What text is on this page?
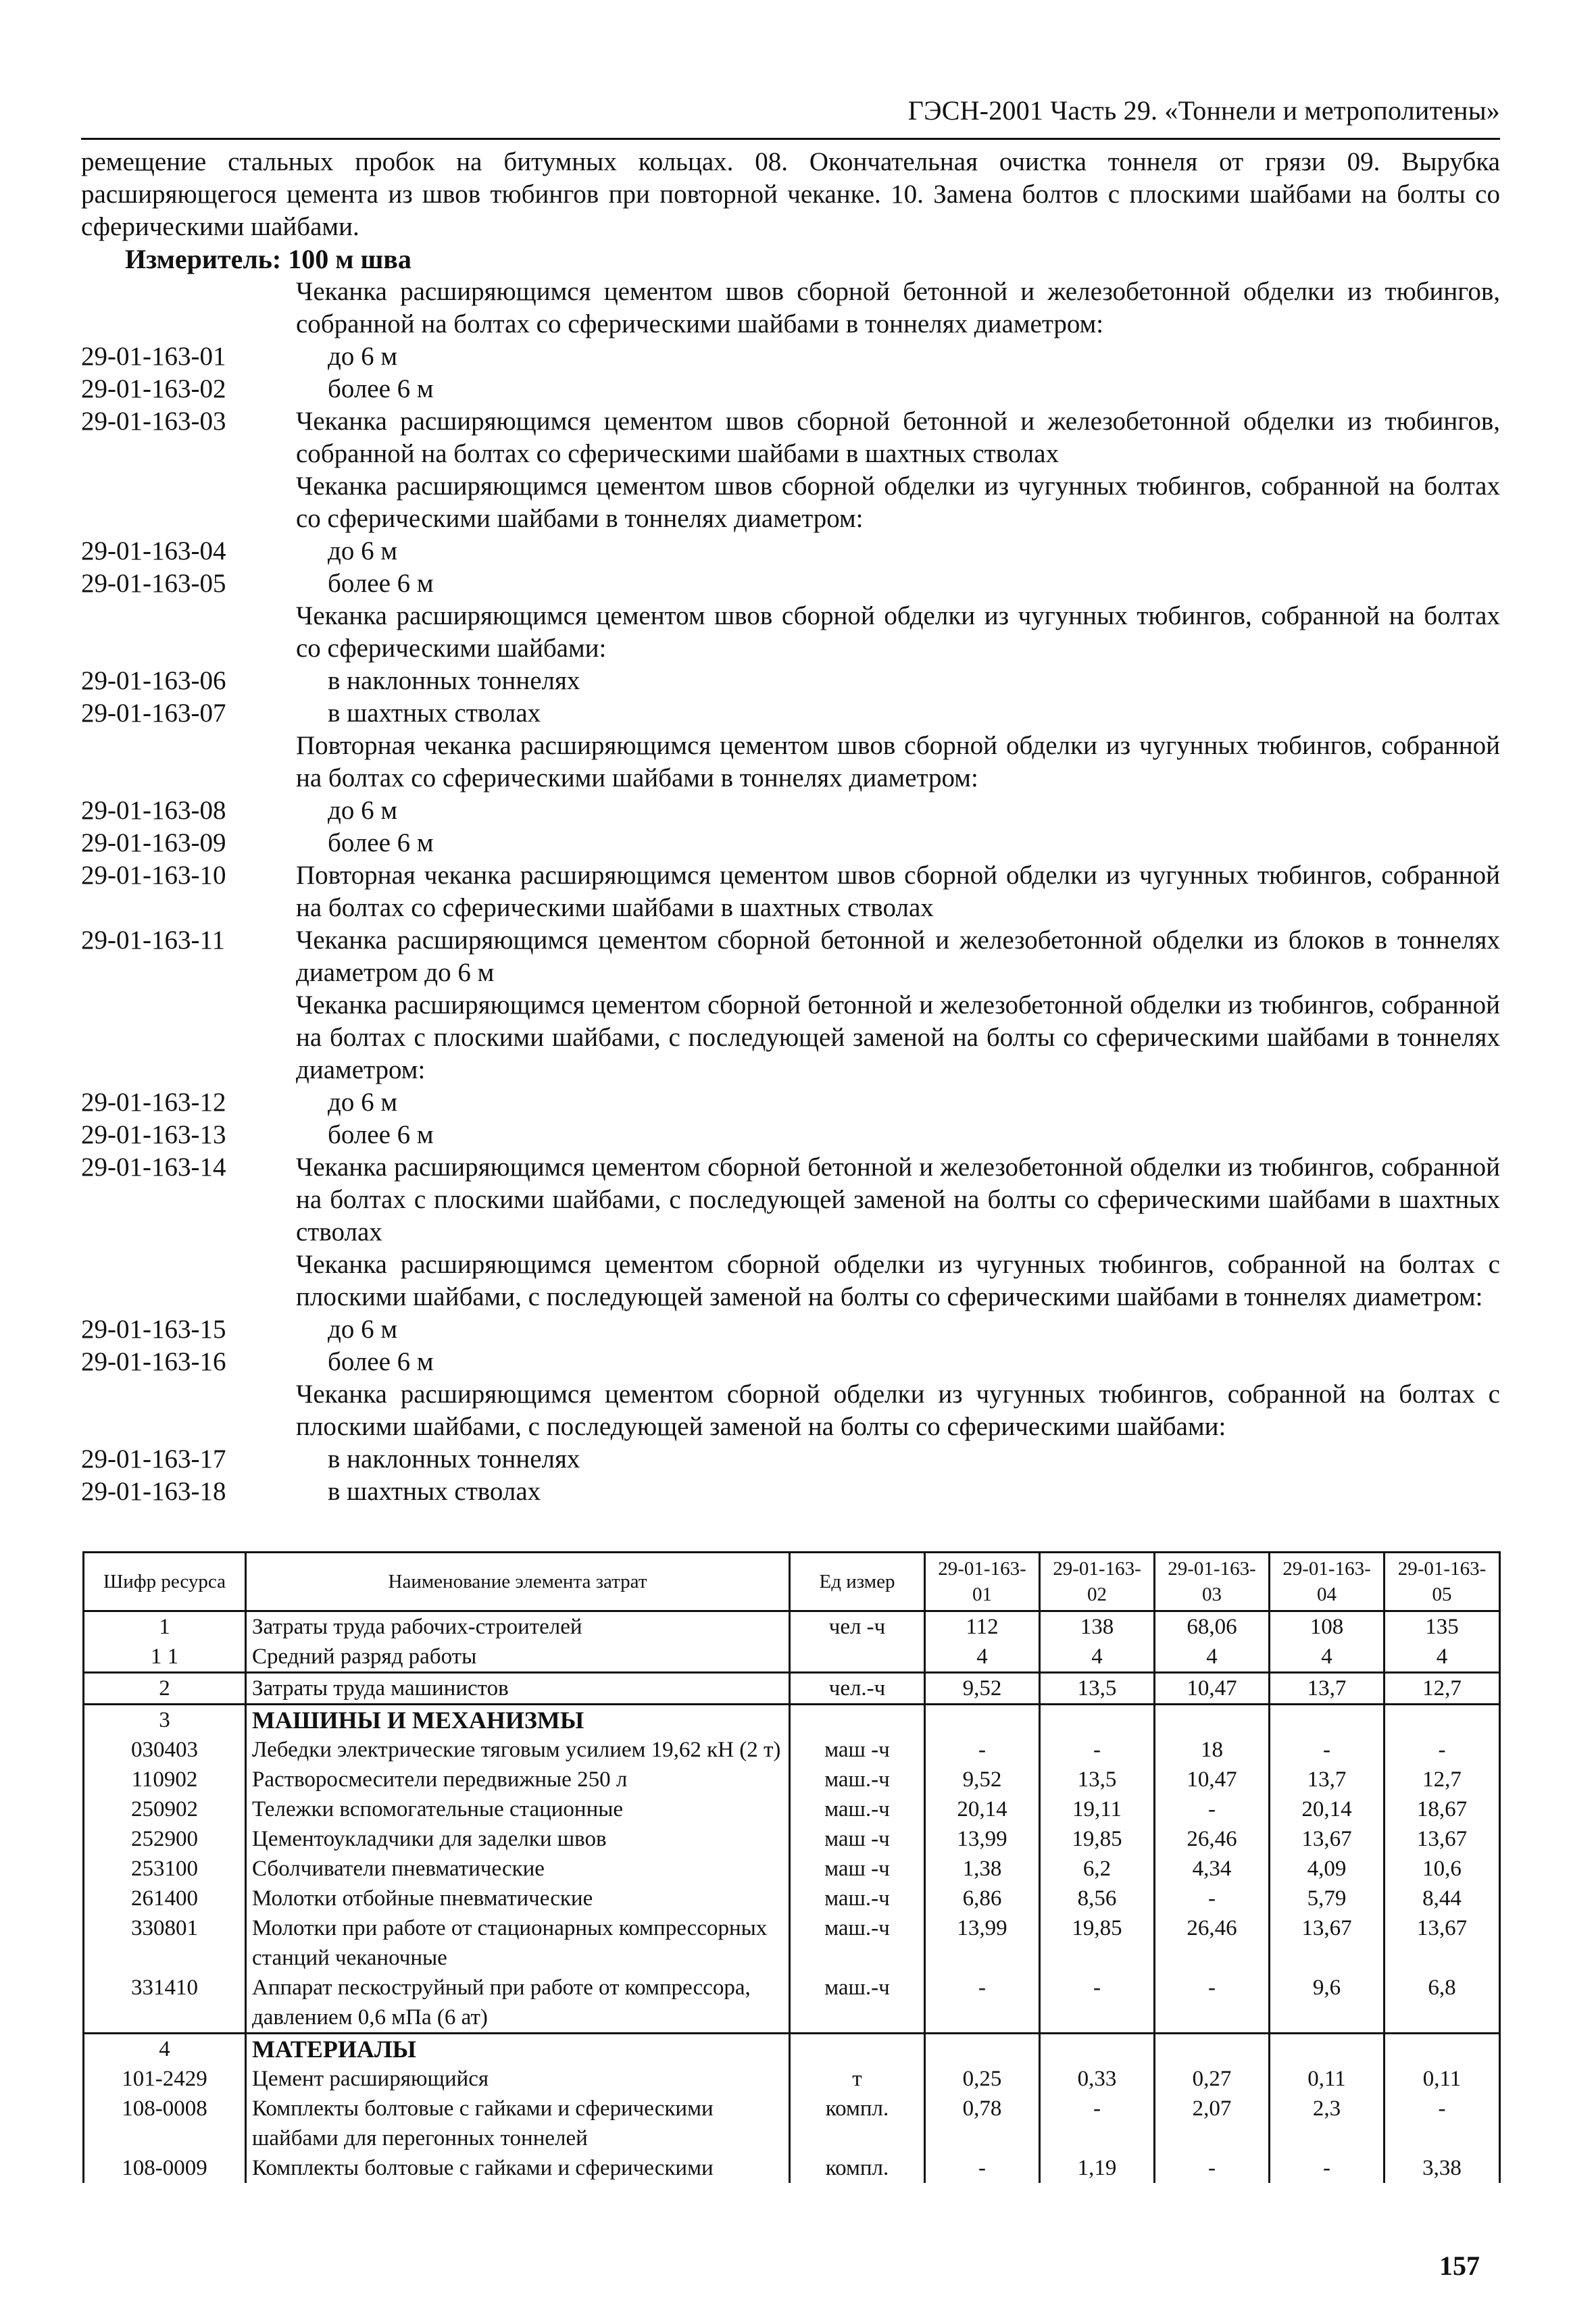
ГЭСН-2001 Часть 29. «Тоннели и метрополитены»
ремещение стальных пробок на битумных кольцах. 08. Окончательная очистка тоннеля от грязи 09. Вырубка расширяющегося цемента из швов тюбингов при повторной чеканке. 10. Замена болтов с плоскими шайбами на болты со сферическими шайбами.
Измеритель: 100 м шва
Чеканка расширяющимся цементом швов сборной бетонной и железобетонной обделки из тюбингов, собранной на болтах со сферическими шайбами в тоннелях диаметром:
29-01-163-01	до 6 м
29-01-163-02	более 6 м
29-01-163-03	Чеканка расширяющимся цементом швов сборной бетонной и железобетонной обделки из тюбингов, собранной на болтах со сферическими шайбами в шахтных стволах
Чеканка расширяющимся цементом швов сборной обделки из чугунных тюбингов, собранной на болтах со сферическими шайбами в тоннелях диаметром:
29-01-163-04	до 6 м
29-01-163-05	более 6 м
Чеканка расширяющимся цементом швов сборной обделки из чугунных тюбингов, собранной на болтах со сферическими шайбами:
29-01-163-06	в наклонных тоннелях
29-01-163-07	в шахтных стволах
Повторная чеканка расширяющимся цементом швов сборной обделки из чугунных тюбингов, собранной на болтах со сферическими шайбами в тоннелях диаметром:
29-01-163-08	до 6 м
29-01-163-09	более 6 м
29-01-163-10	Повторная чеканка расширяющимся цементом швов сборной обделки из чугунных тюбингов, собранной на болтах со сферическими шайбами в шахтных стволах
29-01-163-11	Чеканка расширяющимся цементом сборной бетонной и железобетонной обделки из блоков в тоннелях диаметром до 6 м
Чеканка расширяющимся цементом сборной бетонной и железобетонной обделки из тюбингов, собранной на болтах с плоскими шайбами, с последующей заменой на болты со сферическими шайбами в тоннелях диаметром:
29-01-163-12	до 6 м
29-01-163-13	более 6 м
29-01-163-14	Чеканка расширяющимся цементом сборной бетонной и железобетонной обделки из тюбингов, собранной на болтах с плоскими шайбами, с последующей заменой на болты со сферическими шайбами в шахтных стволах
Чеканка расширяющимся цементом сборной обделки из чугунных тюбингов, собранной на болтах с плоскими шайбами, с последующей заменой на болты со сферическими шайбами в тоннелях диаметром:
29-01-163-15	до 6 м
29-01-163-16	более 6 м
Чеканка расширяющимся цементом сборной обделки из чугунных тюбингов, собранной на болтах с плоскими шайбами, с последующей заменой на болты со сферическими шайбами:
29-01-163-17	в наклонных тоннелях
29-01-163-18	в шахтных стволах
Шифр ресурса	Наименование элемента затрат	Ед измер	29-01-163-01	29-01-163-02	29-01-163-03	29-01-163-04	29-01-163-05
1	Затраты труда рабочих-строителей	чел -ч	112	138	68,06	108	135
1 1	Средний разряд работы		4	4	4	4	4
2	Затраты труда машинистов	чел.-ч	9,52	13,5	10,47	13,7	12,7
3	МАШИНЫ И МЕХАНИЗМЫ						
030403	Лебедки электрические тяговым усилием 19,62 кН (2 т)	маш -ч	-	-	18	-	-
110902	Растворосмесители передвижные 250 л	маш.-ч	9,52	13,5	10,47	13,7	12,7
250902	Тележки вспомогательные стационные	маш.-ч	20,14	19,11	-	20,14	18,67
252900	Цементоукладчики для заделки швов	маш -ч	13,99	19,85	26,46	13,67	13,67
253100	Сболчиватели пневматические	маш -ч	1,38	6,2	4,34	4,09	10,6
261400	Молотки отбойные пневматические	маш.-ч	6,86	8,56	-	5,79	8,44
330801	Молотки при работе от стационарных компрессорных станций чеканочные	маш.-ч	13,99	19,85	26,46	13,67	13,67
331410	Аппарат пескоструйный при работе от компрессора, давлением 0,6 мПа (6 ат)	маш.-ч	-	-	-	9,6	6,8
4	МАТЕРИАЛЫ						
101-2429	Цемент расширяющийся	т	0,25	0,33	0,27	0,11	0,11
108-0008	Комплекты болтовые с гайками и сферическими шайбами для перегонных тоннелей	компл.	0,78	-	2,07	2,3	-
108-0009	Комплекты болтовые с гайками и сферическими	компл.	-	1,19	-	-	3,38
157
